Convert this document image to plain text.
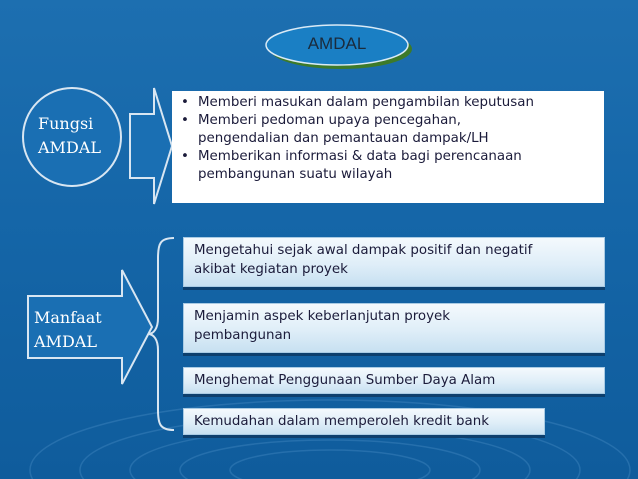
AMDAL
Fungsi
AMDAL
• Memberi masukan dalam pengambilan keputusan
• Memberi pedoman upaya pencegahan,
pengendalian dan pemantauan dampak/LH
• Memberikan informasi & data bagi perencanaan
pembangunan suatu wilayah
Manfaat
AMDAL
Mengetahui sejak awal dampak positif dan negatif
akibat kegiatan proyek
Menjamin aspek keberlanjutan proyek
pembangunan
Menghemat Penggunaan Sumber Daya Alam
Kemudahan dalam memperoleh kredit bank
